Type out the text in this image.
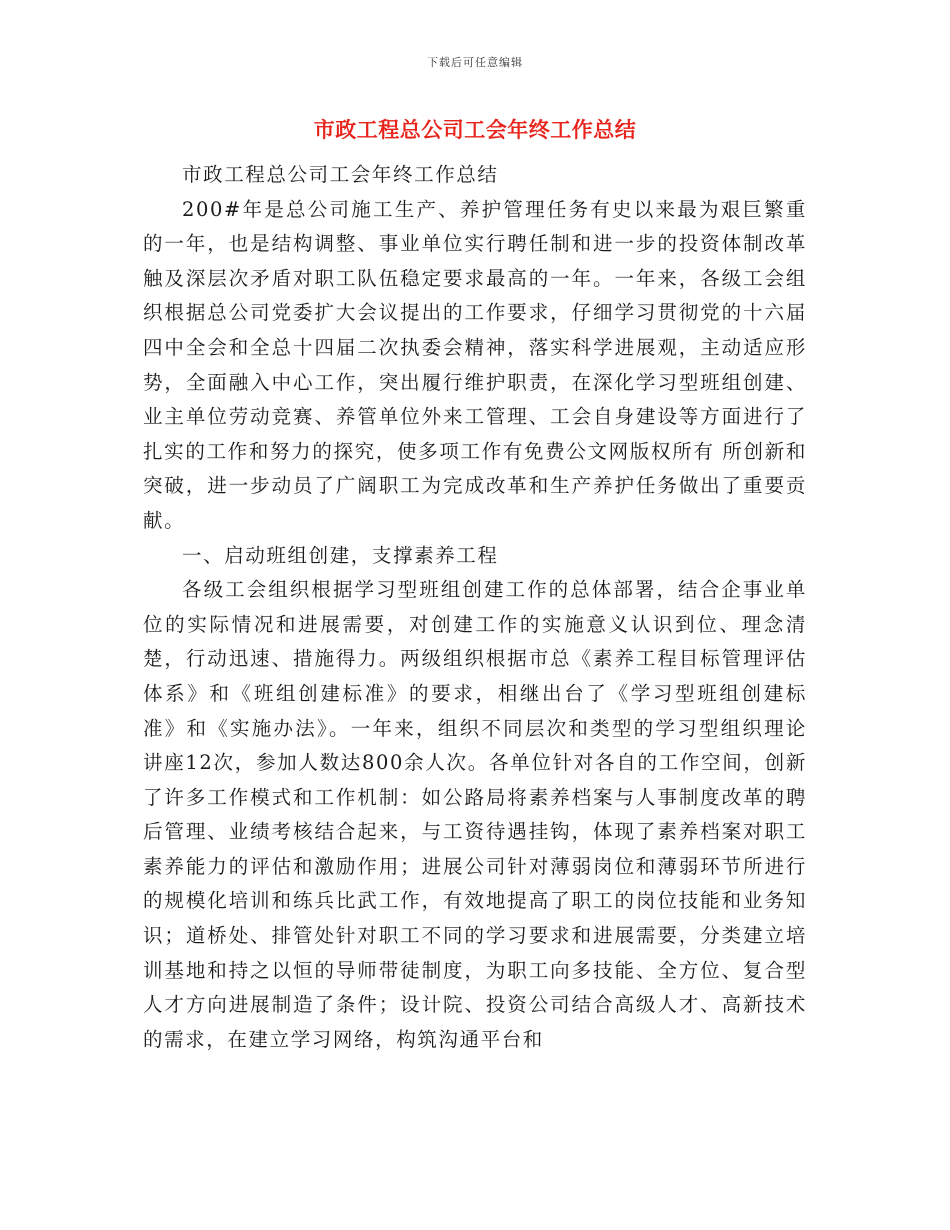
下载后可任意编辑
市政工程总公司工会年终工作总结

市政工程总公司工会年终工作总结

200#年是总公司施工生产、养护管理任务有史以来最为艰巨繁重的一年，也是结构调整、事业单位实行聘任制和进一步的投资体制改革触及深层次矛盾对职工队伍稳定要求最高的一年。一年来，各级工会组织根据总公司党委扩大会议提出的工作要求，仔细学习贯彻党的十六届四中全会和全总十四届二次执委会精神，落实科学进展观，主动适应形势，全面融入中心工作，突出履行维护职责，在深化学习型班组创建、业主单位劳动竞赛、养管单位外来工管理、工会自身建设等方面进行了扎实的工作和努力的探究，使多项工作有免费公文网版权所有 所创新和突破，进一步动员了广阔职工为完成改革和生产养护任务做出了重要贡献。

一、启动班组创建，支撑素养工程

各级工会组织根据学习型班组创建工作的总体部署，结合企事业单位的实际情况和进展需要，对创建工作的实施意义认识到位、理念清楚，行动迅速、措施得力。两级组织根据市总《素养工程目标管理评估体系》和《班组创建标准》的要求，相继出台了《学习型班组创建标准》和《实施办法》。一年来，组织不同层次和类型的学习型组织理论讲座12次，参加人数达800余人次。各单位针对各自的工作空间，创新了许多工作模式和工作机制：如公路局将素养档案与人事制度改革的聘后管理、业绩考核结合起来，与工资待遇挂钩，体现了素养档案对职工素养能力的评估和激励作用；进展公司针对薄弱岗位和薄弱环节所进行的规模化培训和练兵比武工作，有效地提高了职工的岗位技能和业务知识；道桥处、排管处针对职工不同的学习要求和进展需要，分类建立培训基地和持之以恒的导师带徒制度，为职工向多技能、全方位、复合型人才方向进展制造了条件；设计院、投资公司结合高级人才、高新技术的需求，在建立学习网络，构筑沟通平台和
